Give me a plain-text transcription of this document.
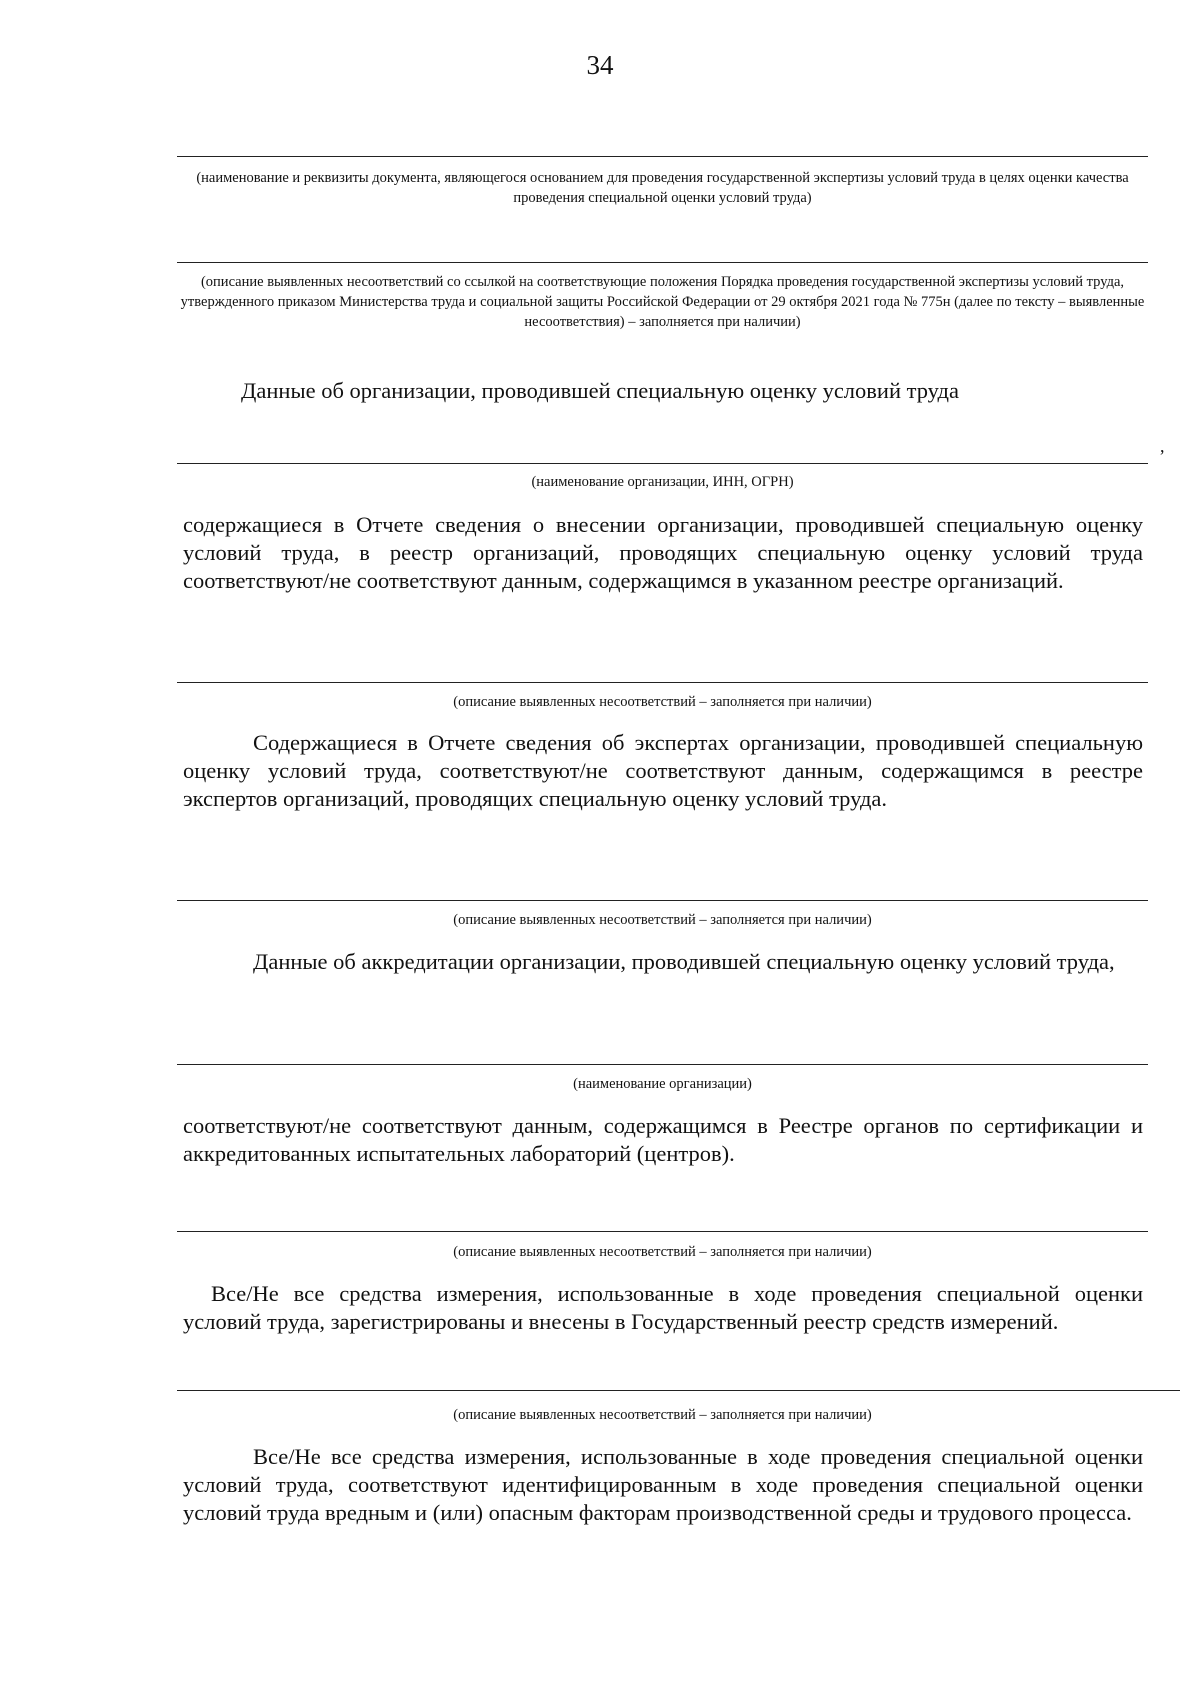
34
(наименование и реквизиты документа, являющегося основанием для проведения государственной экспертизы условий труда в целях оценки качества проведения специальной оценки условий труда)
(описание выявленных несоответствий со ссылкой на соответствующие положения Порядка проведения государственной экспертизы условий труда, утвержденного приказом Министерства труда и социальной защиты Российской Федерации от 29 октября 2021 года № 775н (далее по тексту – выявленные несоответствия) – заполняется при наличии)
Данные об организации, проводившей специальную оценку условий труда
,
(наименование организации, ИНН, ОГРН)
содержащиеся в Отчете сведения о внесении организации, проводившей специальную оценку условий труда, в реестр организаций, проводящих специальную оценку условий труда соответствуют/не соответствуют данным, содержащимся в указанном реестре организаций.
(описание выявленных несоответствий – заполняется при наличии)
Содержащиеся в Отчете сведения об экспертах организации, проводившей специальную оценку условий труда, соответствуют/не соответствуют данным, содержащимся в реестре экспертов организаций, проводящих специальную оценку условий труда.
(описание выявленных несоответствий – заполняется при наличии)
Данные об аккредитации организации, проводившей специальную оценку условий труда,
(наименование организации)
соответствуют/не соответствуют данным, содержащимся в Реестре органов по сертификации и аккредитованных испытательных лабораторий (центров).
(описание выявленных несоответствий – заполняется при наличии)
Все/Не все средства измерения, использованные в ходе проведения специальной оценки условий труда, зарегистрированы и внесены в Государственный реестр средств измерений.
(описание выявленных несоответствий – заполняется при наличии)
Все/Не все средства измерения, использованные в ходе проведения специальной оценки условий труда, соответствуют идентифицированным в ходе проведения специальной оценки условий труда вредным и (или) опасным факторам производственной среды и трудового процесса.
